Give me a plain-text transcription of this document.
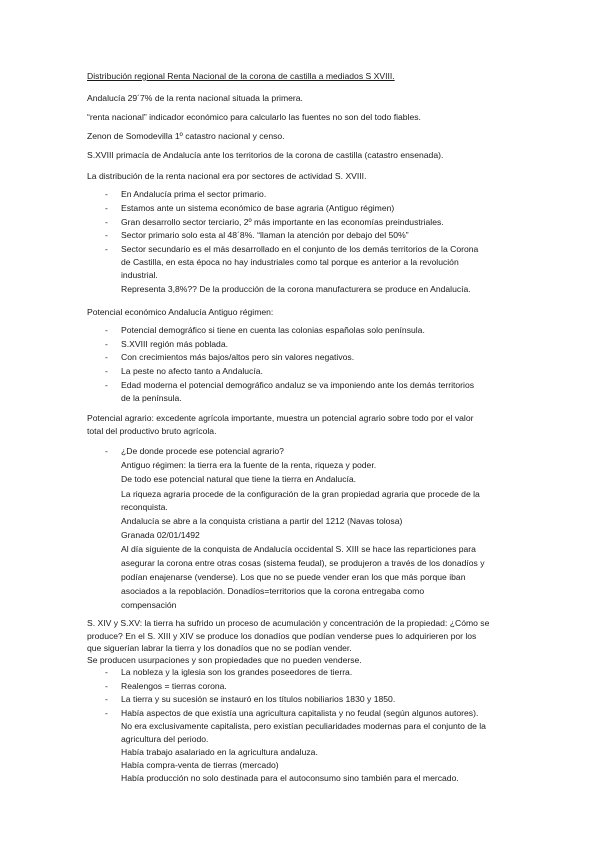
Distribución regional Renta Nacional de la corona de castilla a mediados S XVIII.
Andalucía 29´7% de la renta nacional situada la primera.
“renta nacional” indicador económico para calcularlo las fuentes no son del todo fiables.
Zenon de Somodevilla 1º catastro nacional y censo.
S.XVIII primacía de Andalucía ante los territorios de la corona de castilla (catastro ensenada).
La distribución de la renta nacional era por sectores de actividad S. XVIII.
- En Andalucía prima el sector primario.
- Estamos ante un sistema económico de base agraria (Antiguo régimen)
- Gran desarrollo sector terciario, 2º más importante en las economías preindustriales.
- Sector primario solo esta al 48´8%. “llaman la atención por debajo del 50%”
- Sector secundario es el más desarrollado en el conjunto de los demás territorios de la Corona
de Castilla, en esta época no hay industriales como tal porque es anterior a la revolución
industrial.
Representa 3,8%?? De la producción de la corona manufacturera se produce en Andalucía.
Potencial económico Andalucía Antiguo régimen:
- Potencial demográfico si tiene en cuenta las colonias españolas solo península.
- S.XVIII región más poblada.
- Con crecimientos más bajos/altos pero sin valores negativos.
- La peste no afecto tanto a Andalucía.
- Edad moderna el potencial demográfico andaluz se va imponiendo ante los demás territorios
de la península.
Potencial agrario: excedente agrícola importante, muestra un potencial agrario sobre todo por el valor
total del productivo bruto agrícola.
- ¿De donde procede ese potencial agrario?
Antiguo régimen: la tierra era la fuente de la renta, riqueza y poder.
De todo ese potencial natural que tiene la tierra en Andalucía.
La riqueza agraria procede de la configuración de la gran propiedad agraria que procede de la
reconquista.
Andalucía se abre a la conquista cristiana a partir del 1212 (Navas tolosa)
Granada 02/01/1492
Al día siguiente de la conquista de Andalucía occidental S. XIII se hace las reparticiones para
asegurar la corona entre otras cosas (sistema feudal), se produjeron a través de los donadíos y
podían enajenarse (venderse). Los que no se puede vender eran los que más porque iban
asociados a la repoblación. Donadíos=territorios que la corona entregaba como
compensación
S. XIV y S.XV: la tierra ha sufrido un proceso de acumulación y concentración de la propiedad: ¿Cómo se
produce? En el S. XIII y XIV se produce los donadíos que podían venderse pues lo adquirieren por los
que siguerían labrar la tierra y los donadíos que no se podían vender.
Se producen usurpaciones y son propiedades que no pueden venderse.
- La nobleza y la iglesia son los grandes poseedores de tierra.
- Realengos = tierras corona.
- La tierra y su sucesión se instauró en los títulos nobiliarios 1830 y 1850.
- Había aspectos de que existía una agricultura capitalista y no feudal (según algunos autores).
No era exclusivamente capitalista, pero existían peculiaridades modernas para el conjunto de la
agricultura del periodo.
Había trabajo asalariado en la agricultura andaluza.
Había compra-venta de tierras (mercado)
Había producción no solo destinada para el autoconsumo sino también para el mercado.
